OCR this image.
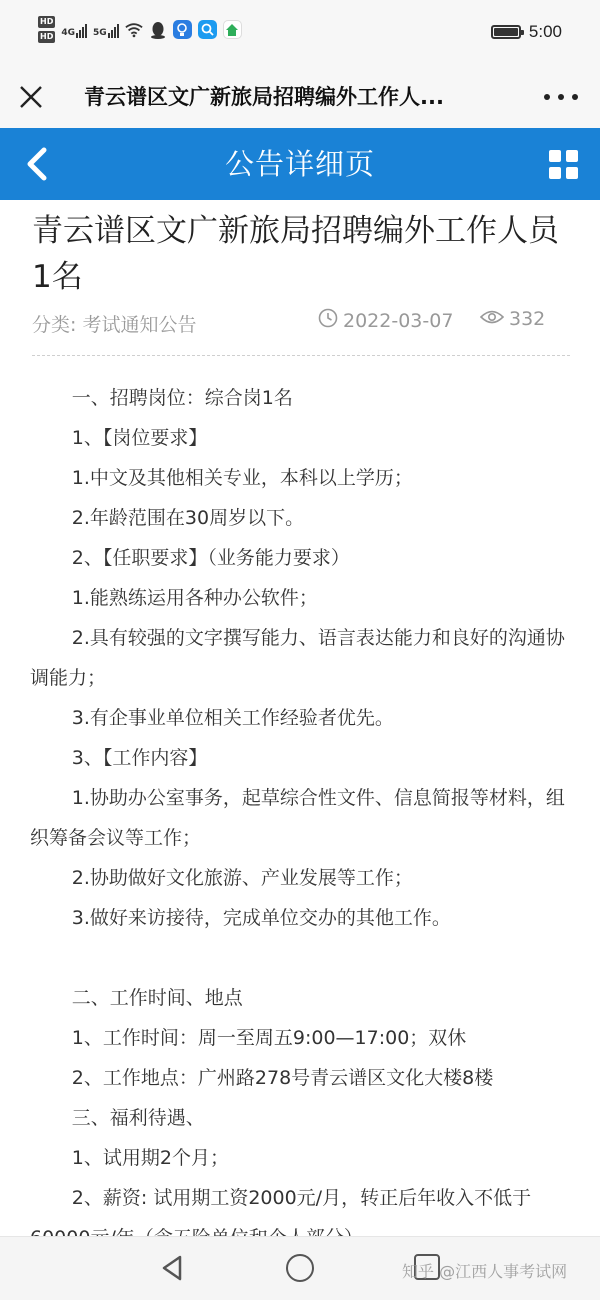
HD
HD 4G 5G	5:00
青云谱区文广新旅局招聘编外工作人...
公告详细页
青云谱区文广新旅局招聘编外工作人员1名
分类: 考试通知公告	2022-03-07	332

一、招聘岗位：综合岗1名

1、【岗位要求】

1.中文及其他相关专业，本科以上学历；

2.年龄范围在30周岁以下。

2、【任职要求】（业务能力要求）

1.能熟练运用各种办公软件；

2.具有较强的文字撰写能力、语言表达能力和良好的沟通协调能力；

3.有企事业单位相关工作经验者优先。

3、【工作内容】

1.协助办公室事务，起草综合性文件、信息简报等材料，组织筹备会议等工作；

2.协助做好文化旅游、产业发展等工作；

3.做好来访接待，完成单位交办的其他工作。

二、工作时间、地点

1、工作时间：周一至周五9:00—17:00；双休

2、工作地点：广州路278号青云谱区文化大楼8楼

三、福利待遇、

1、试用期2个月；

2、薪资: 试用期工资2000元/月，转正后年收入不低于

知乎 @江西人事考试网
